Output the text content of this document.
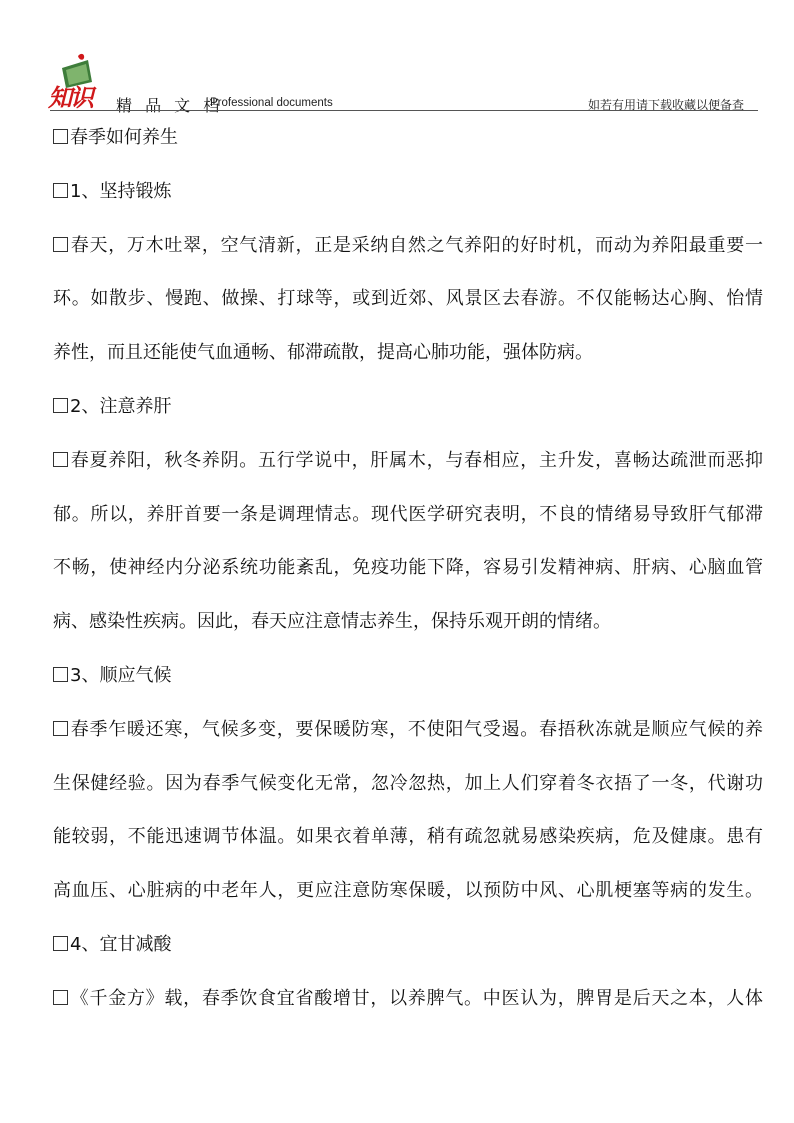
知识 精 品 文 档
Professional documents	如若有用请下载收藏以便备查
春季如何养生
1、坚持锻炼
春天，万木吐翠，空气清新，正是采纳自然之气养阳的好时机，而动为养阳最重要一
环。如散步、慢跑、做操、打球等，或到近郊、风景区去春游。不仅能畅达心胸、怡情
养性，而且还能使气血通畅、郁滞疏散，提高心肺功能，强体防病。
2、注意养肝
春夏养阳，秋冬养阴。五行学说中，肝属木，与春相应，主升发，喜畅达疏泄而恶抑
郁。所以，养肝首要一条是调理情志。现代医学研究表明，不良的情绪易导致肝气郁滞
不畅，使神经内分泌系统功能紊乱，免疫功能下降，容易引发精神病、肝病、心脑血管
病、感染性疾病。因此，春天应注意情志养生，保持乐观开朗的情绪。
3、顺应气候
春季乍暖还寒，气候多变，要保暖防寒，不使阳气受遏。春捂秋冻就是顺应气候的养
生保健经验。因为春季气候变化无常，忽冷忽热，加上人们穿着冬衣捂了一冬，代谢功
能较弱，不能迅速调节体温。如果衣着单薄，稍有疏忽就易感染疾病，危及健康。患有
高血压、心脏病的中老年人，更应注意防寒保暖，以预防中风、心肌梗塞等病的发生。
4、宜甘减酸
《千金方》载，春季饮食宜省酸增甘，以养脾气。中医认为，脾胃是后天之本，人体
